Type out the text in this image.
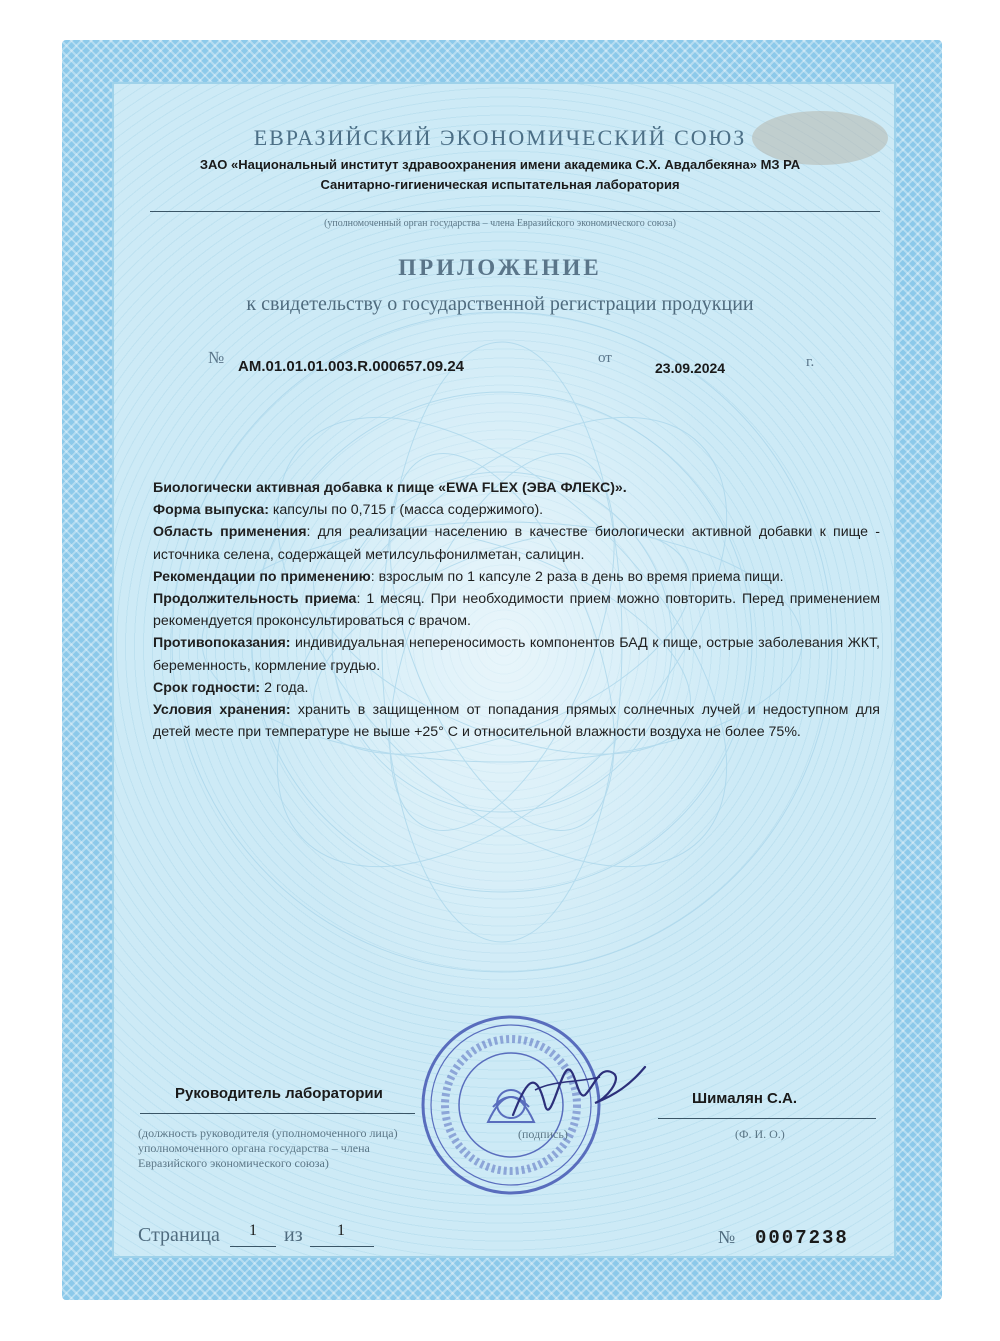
ЕВРАЗИЙСКИЙ ЭКОНОМИЧЕСКИЙ СОЮЗ
ЗАО «Национальный институт здравоохранения имени академика С.Х. Авдалбекяна» МЗ РА
Санитарно-гигиеническая испытательная лаборатория
(уполномоченный орган государства – члена Евразийского экономического союза)
ПРИЛОЖЕНИЕ
к свидетельству о государственной регистрации продукции
№ AM.01.01.01.003.R.000657.09.24	от
23.09.2024	г.

Биологически активная добавка к пище «EWA FLEX (ЭВА ФЛЕКС)».

Форма выпуска: капсулы по 0,715 г (масса содержимого).

Область применения: для реализации населению в качестве биологически активной добавки к пище - источника селена, содержащей метилсульфонилметан, салицин.

Рекомендации по применению: взрослым по 1 капсуле 2 раза в день во время приема пищи.

Продолжительность приема: 1 месяц. При необходимости прием можно повторить. Перед применением рекомендуется проконсультироваться с врачом.

Противопоказания: индивидуальная непереносимость компонентов БАД к пище, острые заболевания ЖКТ, беременность, кормление грудью.

Срок годности: 2 года.

Условия хранения: хранить в защищенном от попадания прямых солнечных лучей и недоступном для детей месте при температуре не выше +25° С и относительной влажности воздуха не более 75%.

Руководитель лаборатории
(должность руководителя (уполномоченного лица) уполномоченного органа государства – члена Евразийского экономического союза)
(подпись)
Шималян С.А.
(Ф. И. О.)
Страница	1	из	1	№ 0007238
